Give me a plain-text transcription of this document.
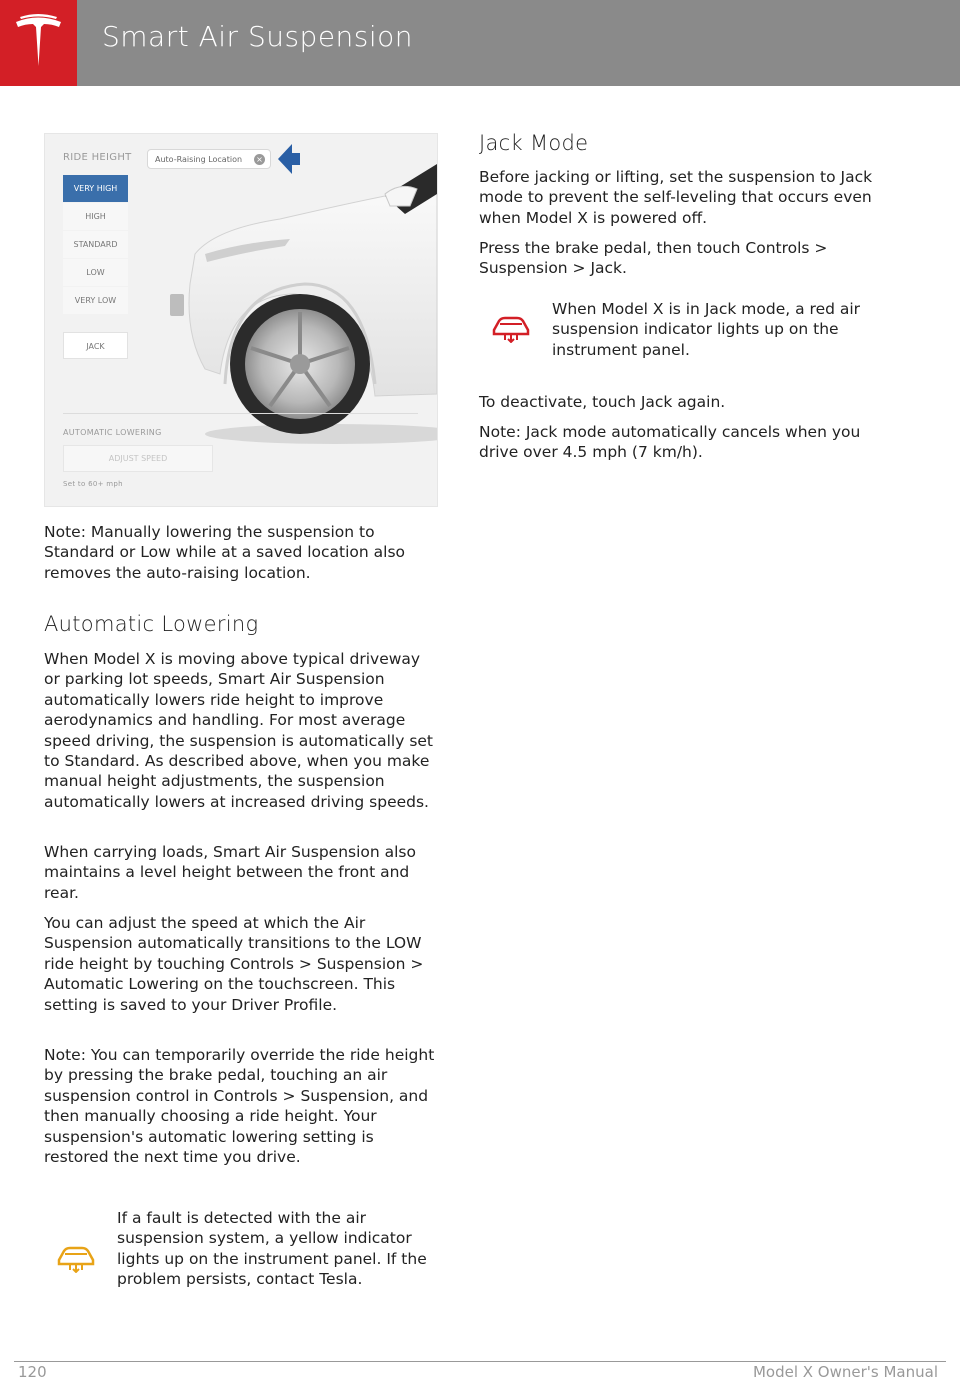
Smart Air Suspension
RIDE HEIGHT	Auto-Raising Location ×
VERY HIGH
HIGH
STANDARD
LOW
VERY LOW
JACK
AUTOMATIC LOWERING
ADJUST SPEED
Set to 60+ mph

Note: Manually lowering the suspension to Standard or Low while at a saved location also removes the auto-raising location.

Automatic Lowering

When Model X is moving above typical driveway or parking lot speeds, Smart Air Suspension automatically lowers ride height to improve aerodynamics and handling. For most average speed driving, the suspension is automatically set to Standard. As described above, when you make manual height adjustments, the suspension automatically lowers at increased driving speeds.

When carrying loads, Smart Air Suspension also maintains a level height between the front and rear.

You can adjust the speed at which the Air Suspension automatically transitions to the LOW ride height by touching Controls > Suspension > Automatic Lowering on the touchscreen. This setting is saved to your Driver Profile.

Note: You can temporarily override the ride height by pressing the brake pedal, touching an air suspension control in Controls > Suspension, and then manually choosing a ride height. Your suspension's automatic lowering setting is restored the next time you drive.

If a fault is detected with the air suspension system, a yellow indicator lights up on the instrument panel. If the problem persists, contact Tesla.

Jack Mode

Before jacking or lifting, set the suspension to Jack mode to prevent the self-leveling that occurs even when Model X is powered off.

Press the brake pedal, then touch Controls > Suspension > Jack.

When Model X is in Jack mode, a red air suspension indicator lights up on the instrument panel.

To deactivate, touch Jack again.

Note: Jack mode automatically cancels when you drive over 4.5 mph (7 km/h).

120	Model X Owner's Manual
